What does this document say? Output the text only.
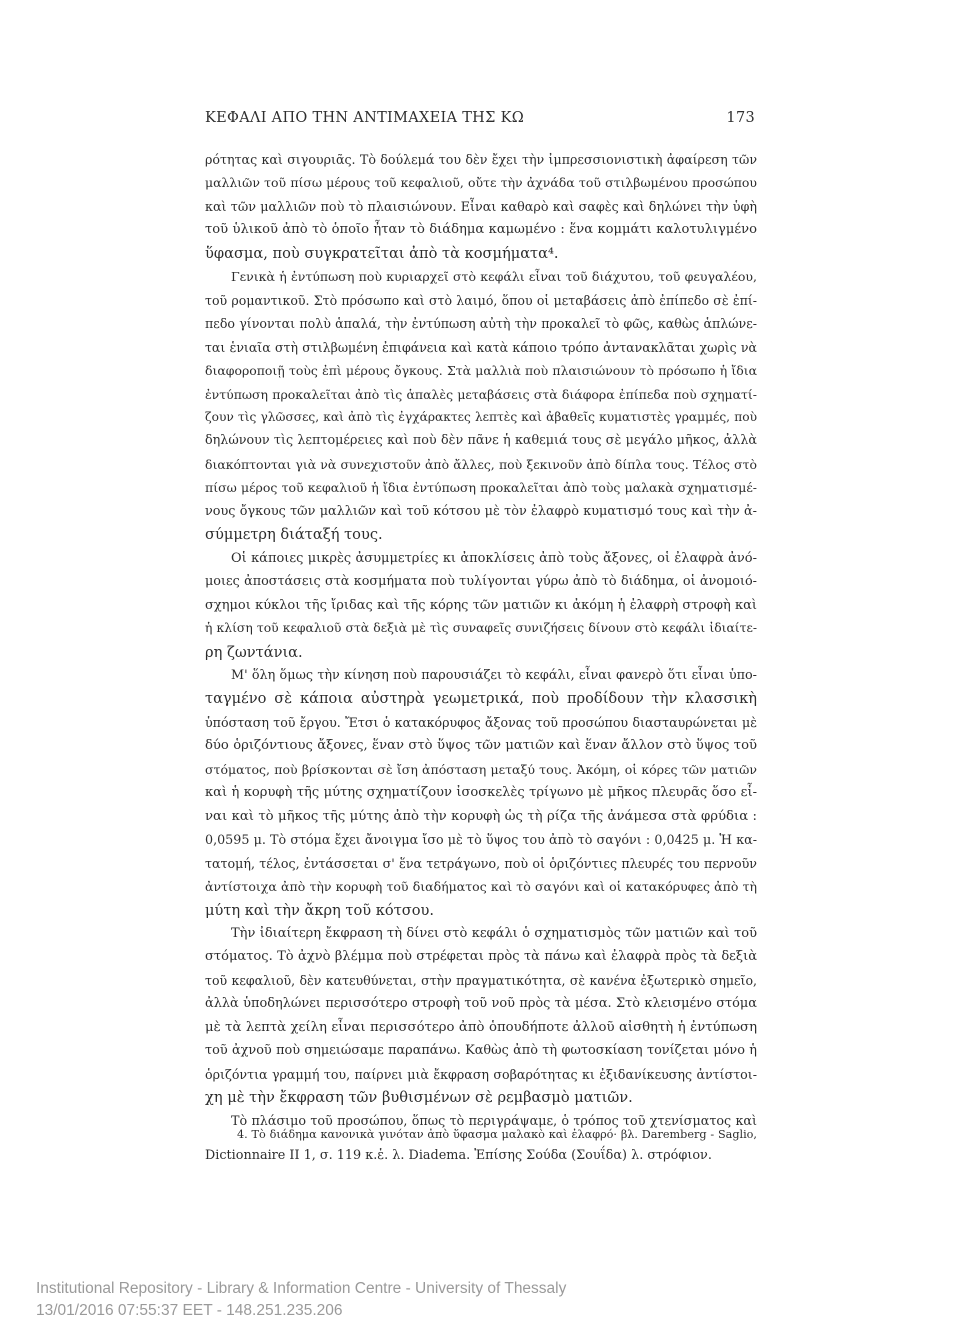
ΚΕΦΑΛΙ ΑΠΟ ΤΗΝ ΑΝΤΙΜΑΧΕΙΑ ΤΗΣ ΚΩ	173
ρότητας καὶ σιγουριᾶς. Τὸ δούλεμά του δὲν ἔχει τὴν ἰμπρεσσιονιστικὴ ἀφαίρεση τῶν
μαλλιῶν τοῦ πίσω μέρους τοῦ κεφαλιοῦ, οὔτε τὴν ἀχνάδα τοῦ στιλβωμένου προσώπου
καὶ τῶν μαλλιῶν ποὺ τὸ πλαισιώνουν. Εἶναι καθαρὸ καὶ σαφὲς καὶ δηλώνει τὴν ὑφὴ
τοῦ ὑλικοῦ ἀπὸ τὸ ὁποῖο ἦταν τὸ διάδημα καμωμένο : ἕνα κομμάτι καλοτυλιγμένο
ὕφασμα, ποὺ συγκρατεῖται ἀπὸ τὰ κοσμήματα⁴.
Γενικὰ ἡ ἐντύπωση ποὺ κυριαρχεῖ στὸ κεφάλι εἶναι τοῦ διάχυτου, τοῦ φευγαλέου,
τοῦ ρομαντικοῦ. Στὸ πρόσωπο καὶ στὸ λαιμό, ὅπου οἱ μεταβάσεις ἀπὸ ἐπίπεδο σὲ ἐπί-
πεδο γίνονται πολὺ ἁπαλά, τὴν ἐντύπωση αὐτὴ τὴν προκαλεῖ τὸ φῶς, καθὼς ἁπλώνε-
ται ἑνιαῖα στὴ στιλβωμένη ἐπιφάνεια καὶ κατὰ κάποιο τρόπο ἀντανακλᾶται χωρὶς νὰ
διαφοροποιῇ τοὺς ἐπὶ μέρους ὄγκους. Στὰ μαλλιὰ ποὺ πλαισιώνουν τὸ πρόσωπο ἡ ἴδια
ἐντύπωση προκαλεῖται ἀπὸ τὶς ἁπαλὲς μεταβάσεις στὰ διάφορα ἐπίπεδα ποὺ σχηματί-
ζουν τὶς γλῶσσες, καὶ ἀπὸ τὶς ἐγχάρακτες λεπτὲς καὶ ἀβαθεῖς κυματιστὲς γραμμές, ποὺ
δηλώνουν τὶς λεπτομέρειες καὶ ποὺ δὲν πᾶνε ἡ καθεμιά τους σὲ μεγάλο μῆκος, ἀλλὰ
διακόπτονται γιὰ νὰ συνεχιστοῦν ἀπὸ ἄλλες, ποὺ ξεκινοῦν ἀπὸ δίπλα τους. Τέλος στὸ
πίσω μέρος τοῦ κεφαλιοῦ ἡ ἴδια ἐντύπωση προκαλεῖται ἀπὸ τοὺς μαλακὰ σχηματισμέ-
νους ὄγκους τῶν μαλλιῶν καὶ τοῦ κότσου μὲ τὸν ἐλαφρὸ κυματισμό τους καὶ τὴν ἀ-
σύμμετρη διάταξή τους.
Οἱ κάποιες μικρὲς ἀσυμμετρίες κι ἀποκλίσεις ἀπὸ τοὺς ἄξονες, οἱ ἐλαφρὰ ἀνό-
μοιες ἀποστάσεις στὰ κοσμήματα ποὺ τυλίγονται γύρω ἀπὸ τὸ διάδημα, οἱ ἀνομοιό-
σχημοι κύκλοι τῆς ἴριδας καὶ τῆς κόρης τῶν ματιῶν κι ἀκόμη ἡ ἐλαφρὴ στροφὴ καὶ
ἡ κλίση τοῦ κεφαλιοῦ στὰ δεξιὰ μὲ τὶς συναφεῖς συνιζήσεις δίνουν στὸ κεφάλι ἰδιαίτε-
ρη ζωντάνια.
Μ' ὅλη ὅμως τὴν κίνηση ποὺ παρουσιάζει τὸ κεφάλι, εἶναι φανερὸ ὅτι εἶναι ὑπο-
ταγμένο σὲ κάποια αὐστηρὰ γεωμετρικά, ποὺ προδίδουν τὴν κλασσικὴ
ὑπόσταση τοῦ ἔργου. Ἔτσι ὁ κατακόρυφος ἄξονας τοῦ προσώπου διασταυρώνεται μὲ
δύο ὁριζόντιους ἄξονες, ἕναν στὸ ὕψος τῶν ματιῶν καὶ ἕναν ἄλλον στὸ ὕψος τοῦ
στόματος, ποὺ βρίσκονται σὲ ἴση ἀπόσταση μεταξύ τους. Ἀκόμη, οἱ κόρες τῶν ματιῶν
καὶ ἡ κορυφὴ τῆς μύτης σχηματίζουν ἰσοσκελὲς τρίγωνο μὲ μῆκος πλευρᾶς ὅσο εἶ-
ναι καὶ τὸ μῆκος τῆς μύτης ἀπὸ τὴν κορυφὴ ὡς τὴ ρίζα τῆς ἀνάμεσα στὰ φρύδια :
0,0595 μ. Τὸ στόμα ἔχει ἄνοιγμα ἴσο μὲ τὸ ὕψος του ἀπὸ τὸ σαγόνι : 0,0425 μ. Ἡ κα-
τατομή, τέλος, ἐντάσσεται σ' ἕνα τετράγωνο, ποὺ οἱ ὁριζόντιες πλευρές του περνοῦν
ἀντίστοιχα ἀπὸ τὴν κορυφὴ τοῦ διαδήματος καὶ τὸ σαγόνι καὶ οἱ κατακόρυφες ἀπὸ τὴ
μύτη καὶ τὴν ἄκρη τοῦ κότσου.
Τὴν ἰδιαίτερη ἔκφραση τὴ δίνει στὸ κεφάλι ὁ σχηματισμὸς τῶν ματιῶν καὶ τοῦ
στόματος. Τὸ ἀχνὸ βλέμμα ποὺ στρέφεται πρὸς τὰ πάνω καὶ ἐλαφρὰ πρὸς τὰ δεξιὰ
τοῦ κεφαλιοῦ, δὲν κατευθύνεται, στὴν πραγματικότητα, σὲ κανένα ἐξωτερικὸ σημεῖο,
ἀλλὰ ὑποδηλώνει περισσότερο στροφὴ τοῦ νοῦ πρὸς τὰ μέσα. Στὸ κλεισμένο στόμα
μὲ τὰ λεπτὰ χείλη εἶναι περισσότερο ἀπὸ ὁπουδήποτε ἀλλοῦ αἰσθητὴ ἡ ἐντύπωση
τοῦ ἀχνοῦ ποὺ σημειώσαμε παραπάνω. Καθὼς ἀπὸ τὴ φωτοσκίαση τονίζεται μόνο ἡ
ὁριζόντια γραμμή του, παίρνει μιὰ ἔκφραση σοβαρότητας κι ἐξιδανίκευσης ἀντίστοι-
χη μὲ τὴν ἔκφραση τῶν βυθισμένων σὲ ρεμβασμὸ ματιῶν.
Τὸ πλάσιμο τοῦ προσώπου, ὅπως τὸ περιγράψαμε, ὁ τρόπος τοῦ χτενίσματος καὶ
4. Τὸ διάδημα κανονικὰ γινόταν ἀπὸ ὕφασμα μαλακὸ καὶ ἐλαφρό· βλ. Daremberg - Saglio,
Dictionnaire II 1, σ. 119 κ.ἑ. λ. Diadema. Ἐπίσης Σούδα (Σουΐδα) λ. στρόφιον.
Institutional Repository - Library & Information Centre - University of Thessaly
13/01/2016 07:55:37 EET - 148.251.235.206
